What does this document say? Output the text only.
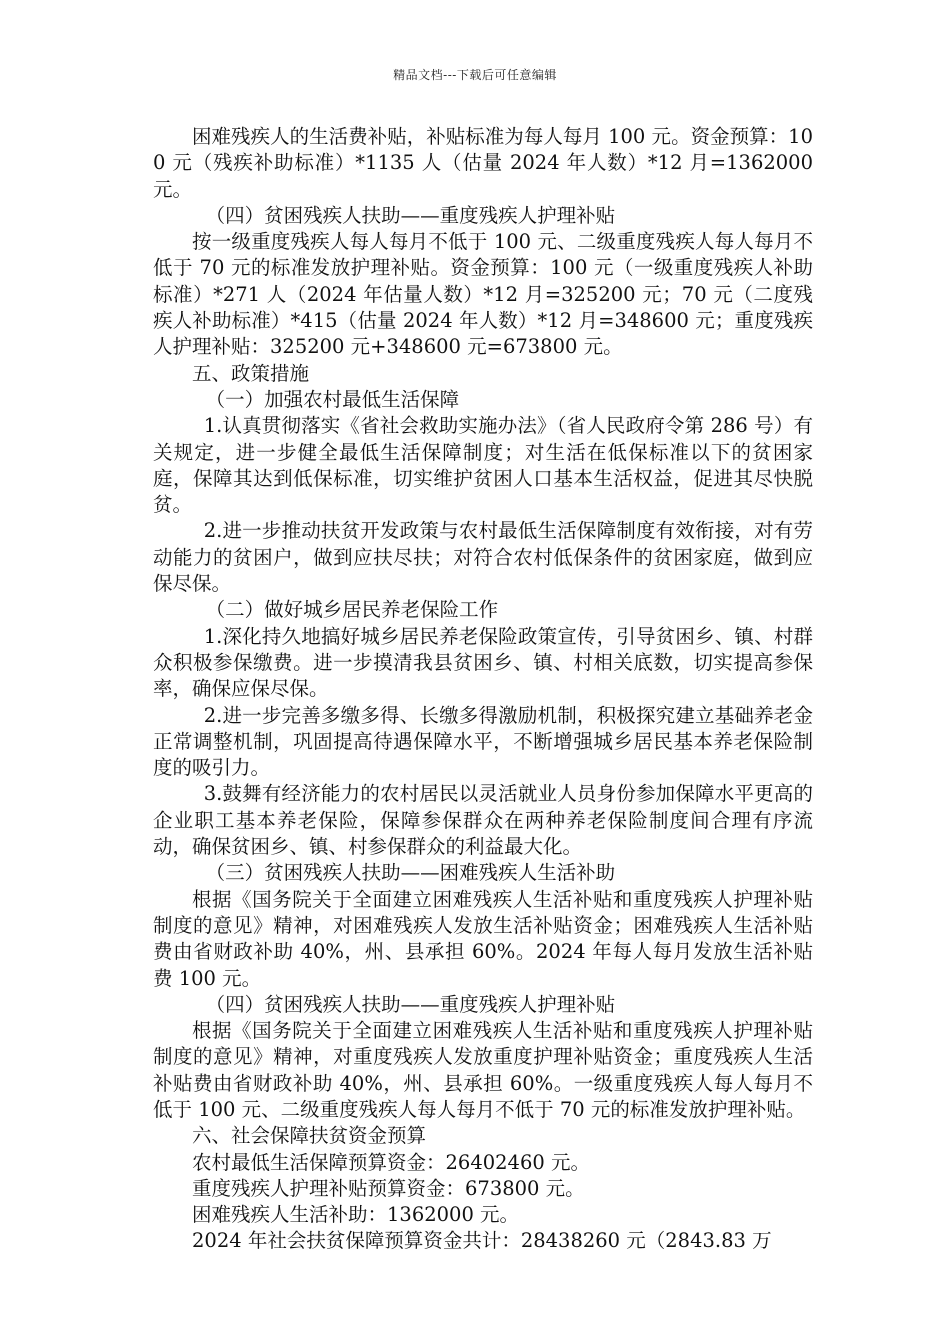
精品文档---下载后可任意编辑

困难残疾人的生活费补贴，补贴标准为每人每月 100 元。资金预算：100 元（残疾补助标准）*1135 人（估量 2024 年人数）*12 月=1362000 元。

（四）贫困残疾人扶助——重度残疾人护理补贴

按一级重度残疾人每人每月不低于 100 元、二级重度残疾人每人每月不低于 70 元的标准发放护理补贴。资金预算：100 元（一级重度残疾人补助标准）*271 人（2024 年估量人数）*12 月=325200 元；70 元（二度残疾人补助标准）*415（估量 2024 年人数）*12 月=348600 元；重度残疾人护理补贴：325200 元+348600 元=673800 元。

五、政策措施

（一）加强农村最低生活保障

1.认真贯彻落实《省社会救助实施办法》（省人民政府令第 286 号）有关规定，进一步健全最低生活保障制度；对生活在低保标准以下的贫困家庭，保障其达到低保标准，切实维护贫困人口基本生活权益，促进其尽快脱贫。

2.进一步推动扶贫开发政策与农村最低生活保障制度有效衔接，对有劳动能力的贫困户，做到应扶尽扶；对符合农村低保条件的贫困家庭，做到应保尽保。

（二）做好城乡居民养老保险工作

1.深化持久地搞好城乡居民养老保险政策宣传，引导贫困乡、镇、村群众积极参保缴费。进一步摸清我县贫困乡、镇、村相关底数，切实提高参保率，确保应保尽保。

2.进一步完善多缴多得、长缴多得激励机制，积极探究建立基础养老金正常调整机制，巩固提高待遇保障水平，不断增强城乡居民基本养老保险制度的吸引力。

3.鼓舞有经济能力的农村居民以灵活就业人员身份参加保障水平更高的企业职工基本养老保险，保障参保群众在两种养老保险制度间合理有序流动，确保贫困乡、镇、村参保群众的利益最大化。

（三）贫困残疾人扶助——困难残疾人生活补助

根据《国务院关于全面建立困难残疾人生活补贴和重度残疾人护理补贴制度的意见》精神，对困难残疾人发放生活补贴资金；困难残疾人生活补贴费由省财政补助 40%，州、县承担 60%。2024 年每人每月发放生活补贴费 100 元。

（四）贫困残疾人扶助——重度残疾人护理补贴

根据《国务院关于全面建立困难残疾人生活补贴和重度残疾人护理补贴制度的意见》精神，对重度残疾人发放重度护理补贴资金；重度残疾人生活补贴费由省财政补助 40%，州、县承担 60%。一级重度残疾人每人每月不低于 100 元、二级重度残疾人每人每月不低于 70 元的标准发放护理补贴。

六、社会保障扶贫资金预算

农村最低生活保障预算资金：26402460 元。

重度残疾人护理补贴预算资金：673800 元。

困难残疾人生活补助：1362000 元。

2024 年社会扶贫保障预算资金共计：28438260 元（2843.83 万
